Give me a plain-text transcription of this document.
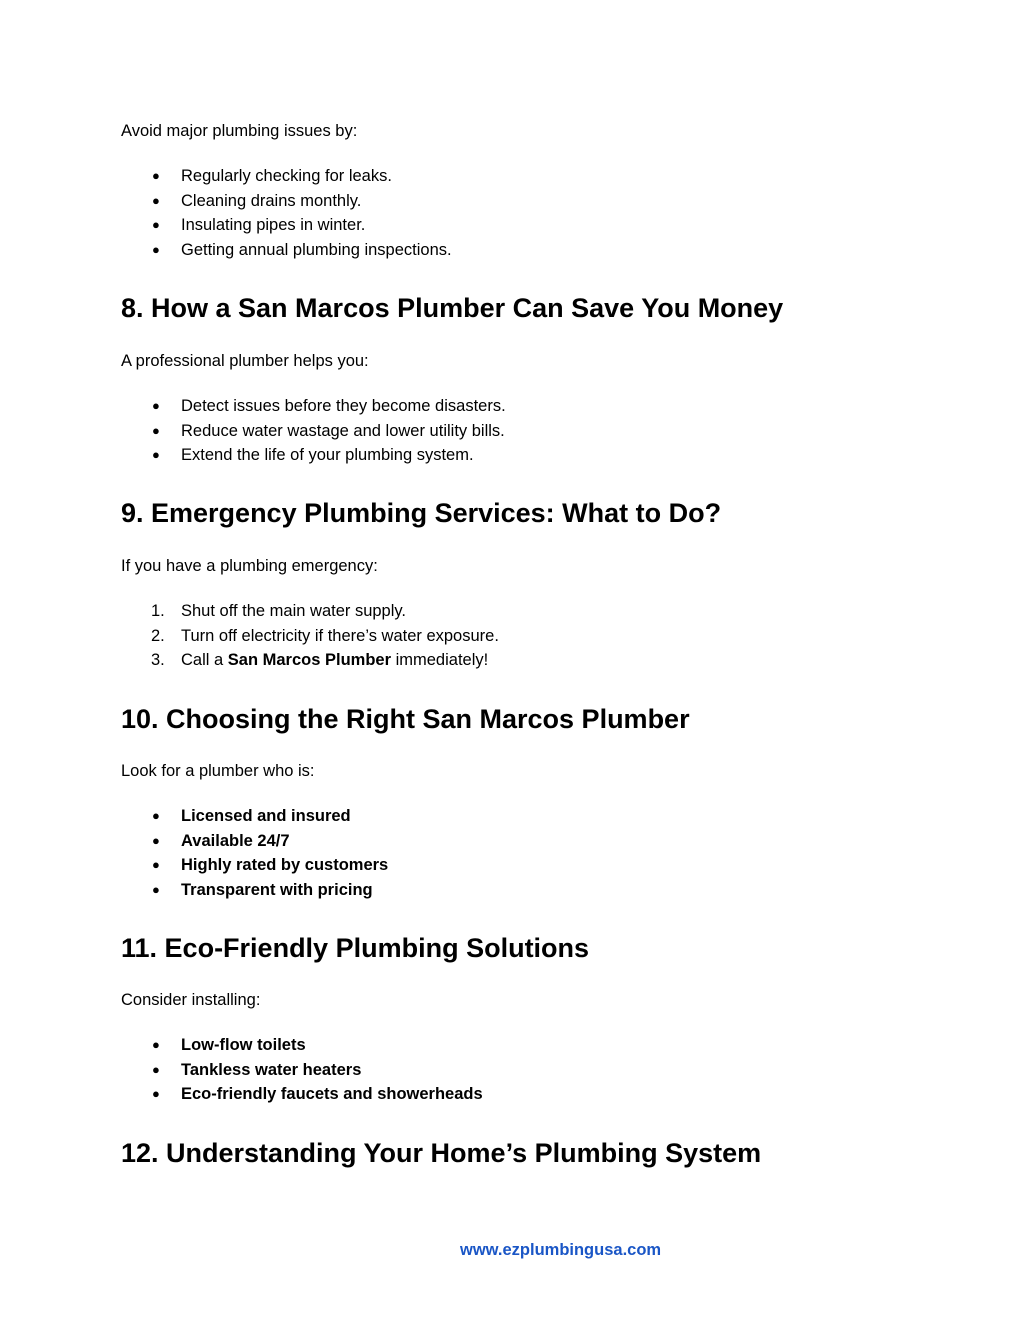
Avoid major plumbing issues by:

●	Regularly checking for leaks.
●	Cleaning drains monthly.
●	Insulating pipes in winter.
●	Getting annual plumbing inspections.
8. How a San Marcos Plumber Can Save You Money

A professional plumber helps you:

●	Detect issues before they become disasters.
●	Reduce water wastage and lower utility bills.
●	Extend the life of your plumbing system.
9. Emergency Plumbing Services: What to Do?

If you have a plumbing emergency:

1. Shut off the main water supply.
2. Turn off electricity if there’s water exposure.
3. Call a San Marcos Plumber immediately!
10. Choosing the Right San Marcos Plumber

Look for a plumber who is:

●	Licensed and insured
●	Available 24/7
●	Highly rated by customers
●	Transparent with pricing
11. Eco-Friendly Plumbing Solutions

Consider installing:

●	Low-flow toilets
●	Tankless water heaters
●	Eco-friendly faucets and showerheads
12. Understanding Your Home’s Plumbing System
www.ezplumbingusa.com
